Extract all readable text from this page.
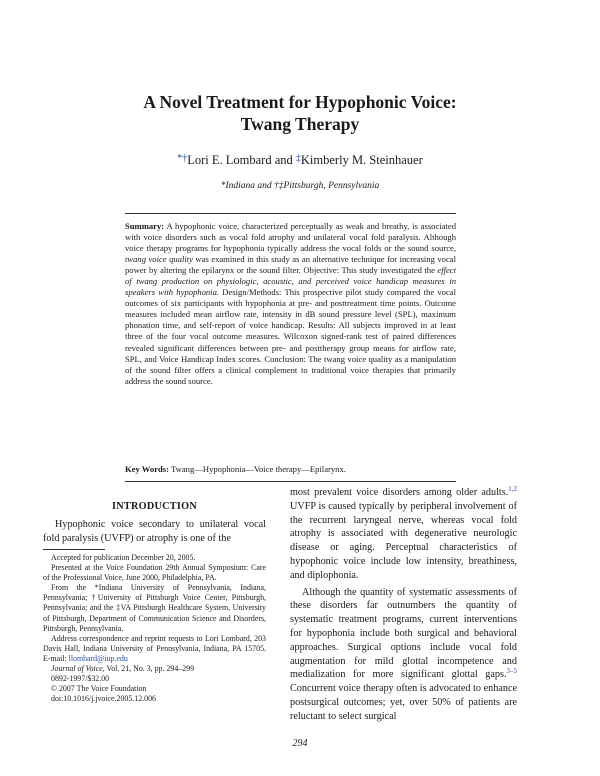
A Novel Treatment for Hypophonic Voice:
Twang Therapy
*†Lori E. Lombard and ‡Kimberly M. Steinhauer
*Indiana and †‡Pittsburgh, Pennsylvania
Summary: A hypophonic voice, characterized perceptually as weak and breathy, is associated with voice disorders such as vocal fold atrophy and unilateral vocal fold paralysis. Although voice therapy programs for hypophonia typically address the vocal folds or the sound source, twang voice quality was examined in this study as an alternative technique for increasing vocal power by altering the epilarynx or the sound filter. Objective: This study investigated the effect of twang production on physiologic, acoustic, and perceived voice handicap measures in speakers with hypophonia. Design/Methods: This prospective pilot study compared the vocal outcomes of six participants with hypophonia at pre- and posttreatment time points. Outcome measures included mean airflow rate, intensity in dB sound pressure level (SPL), maximum phonation time, and self-report of voice handicap. Results: All subjects improved in at least three of the four vocal outcome measures. Wilcoxon signed-rank test of paired differences revealed significant differences between pre- and posttherapy group means for airflow rate, SPL, and Voice Handicap Index scores. Conclusion: The twang voice quality as a manipulation of the sound filter offers a clinical complement to traditional voice therapies that primarily address the sound source.
Key Words: Twang—Hypophonia—Voice therapy—Epilarynx.
INTRODUCTION

Hypophonic voice secondary to unilateral vocal fold paralysis (UVFP) or atrophy is one of the

Accepted for publication December 20, 2005.

Presented at the Voice Foundation 29th Annual Symposium: Care of the Professional Voice, June 2000, Philadelphia, PA.

From the *Indiana University of Pennsylvania, Indiana, Pennsylvania; †University of Pittsburgh Voice Center, Pittsburgh, Pennsylvania; and the ‡VA Pittsburgh Healthcare System, University of Pittsburgh, Department of Communication Science and Disorders, Pittsburgh, Pennsylvania.

Address correspondence and reprint requests to Lori Lombard, 203 Davis Hall, Indiana University of Pennsylvania, Indiana, PA 15705. E-mail: llombard@iup.edu

Journal of Voice, Vol. 21, No. 3, pp. 294–299

0892-1997/$32.00

© 2007 The Voice Foundation

doi:10.1016/j.jvoice.2005.12.006

most prevalent voice disorders among older adults.$^{1,2}$ UVFP is caused typically by peripheral involvement of the recurrent laryngeal nerve, whereas vocal fold atrophy is associated with degenerative neurologic disease or aging. Perceptual characteristics of hypophonic voice include low intensity, breathiness, and diplophonia.

Although the quantity of systematic assessments of these disorders far outnumbers the quantity of systematic treatment programs, current interventions for hypophonia include both surgical and behavioral approaches. Surgical options include vocal fold augmentation for mild glottal incompetence and medialization for more significant glottal gaps.$^{3-5}$ Concurrent voice therapy often is advocated to enhance postsurgical outcomes; yet, over 50% of patients are reluctant to select surgical

294
